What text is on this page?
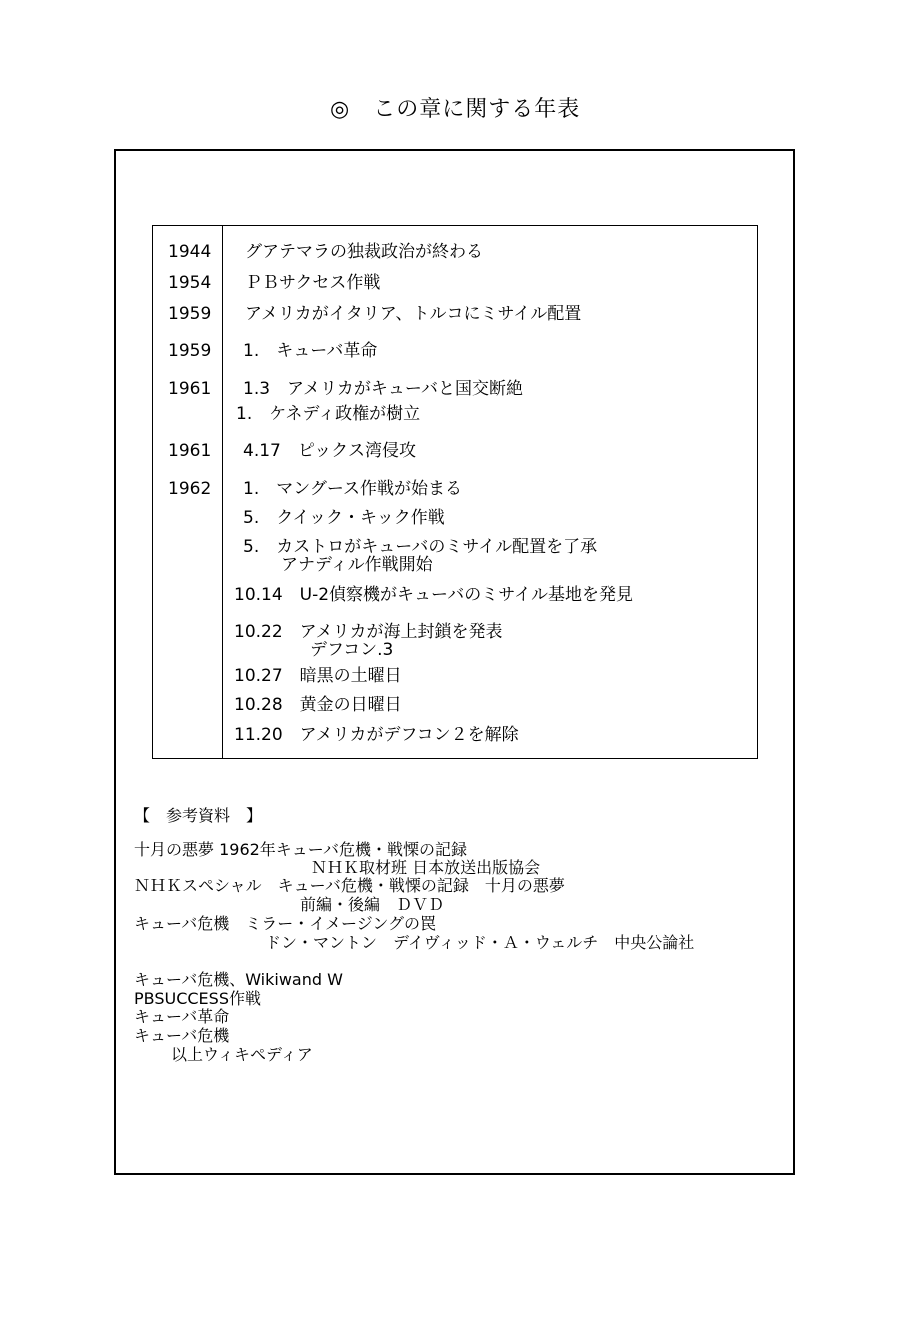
◎　この章に関する年表
1944
1954
1959
1959
1961
1961
1962
グアテマラの独裁政治が終わる
ＰＢサクセス作戦
アメリカがイタリア、トルコにミサイル配置
1.　キューバ革命
1.3　アメリカがキューバと国交断絶
1.　ケネディ政権が樹立
4.17　ピックス湾侵攻
1.　マングース作戦が始まる
5.　クイック・キック作戦
5.　カストロがキューバのミサイル配置を了承
アナディル作戦開始
10.14　U-2偵察機がキューバのミサイル基地を発見
10.22　アメリカが海上封鎖を発表
デフコン.3
10.27　暗黒の土曜日
10.28　黄金の日曜日
11.20　アメリカがデフコン２を解除
【　参考資料　】
十月の悪夢 1962年キューバ危機・戦慄の記録
ＮＨＫ取材班 日本放送出版協会
ＮＨＫスペシャル　キューバ危機・戦慄の記録　十月の悪夢
前編・後編　ＤＶＤ
キューバ危機　ミラー・イメージングの罠
ドン・マントン　デイヴィッド・Ａ・ウェルチ　中央公論社
キューバ危機、Wikiwand W
PBSUCCESS作戦
キューバ革命
キューバ危機
以上ウィキペディア
